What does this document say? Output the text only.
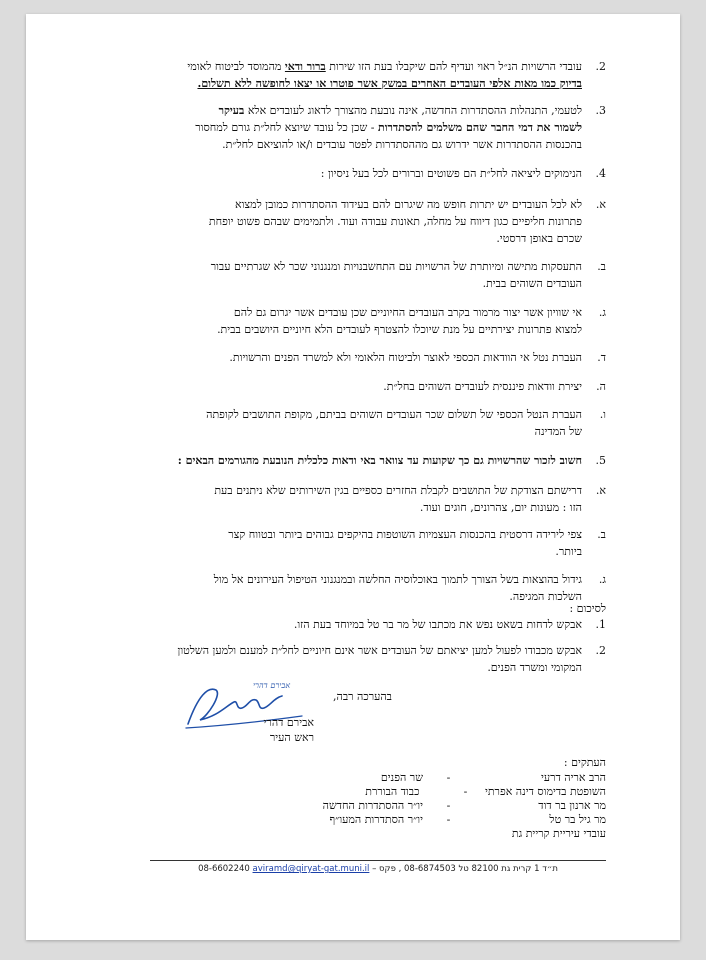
2.
עובדי הרשויות הנ״ל ראוי ועדיף להם שיקבלו בעת הזו שירות ברור ודאי מהמוסד לביטוח לאומי
בדיוק כמו מאות אלפי העובדים האחרים במשק אשר פוטרו או יצאו לחופשה ללא תשלום.
3.
לטעמי, התנהלות ההסתדרות החדשה, אינה נובעת מהצורך לדאוג לעובדים אלא בעיקר
לשמור את דמי החבר שהם משלמים להסתדרות - שכן כל עובד שיוצא לחל״ת גורם למחסור
בהכנסות ההסתדרות אשר ידרוש גם מההסתדרות לפטר עובדים ו/או להוציאם לחל״ת.
4.
הנימוקים ליציאה לחל״ת הם פשוטים וברורים לכל בעל ניסיון :
א.
לא לכל העובדים יש יתרות חופש מה שיגרום להם בעידוד ההסתדרות כמובן למצוא
פתרונות חליפיים כגון דיווח על מחלה, תאונות עבודה ועוד. ולתמימים שבהם פשוט יופחת
שכרם באופן דרסטי.
ב.
התעסקות מתישה ומיותרת של הרשויות עם התחשבנויות ומנגנוני שכר לא שגרתיים עבור
העובדים השוהים בבית.
ג.
אי שוויון אשר יצור מרמור בקרב העובדים החיוניים שכן עובדים אשר יגרום גם להם
למצוא פתרונות יצירתיים על מנת שיוכלו להצטרף לעובדים הלא חיוניים היושבים בבית.
ד.
העברת נטל אי הוודאות הכספי לאוצר ולביטוח הלאומי ולא למשרד הפנים והרשויות.
ה.
יצירת וודאות פיננסית לעובדים השוהים בחל״ת.
ו.
העברת הנטל הכספי של תשלום שכר העובדים השוהים בביתם, מקופת התושבים לקופתה
של המדינה
5.
חשוב לזכור שהרשויות גם כך שקועות עד צוואר באי ודאות כלכלית הנובעת מהגורמים הבאים :
א.
דרישתם הצודקת של התושבים לקבלת החזרים כספיים בגין השירותים שלא ניתנים בעת
הזו : מעונות יום, צהרונים, חוגים ועוד.
ב.
צפי לירידה דרסטית בהכנסות העצמיות השוטפות בהיקפים גבוהים ביותר ובטווח קצר
ביותר.
ג.
גידול בהוצאות בשל הצורך לתמוך באוכלוסיה החלשה ובמנגנוני הטיפול העירונים אל מול
השלכות המגיפה.
לסיכום :
1.
אבקש לדחות בשאט נפש את מכתבו של מר בר טל במיוחד בעת הזו.
2.
אבקש מכבודו לפעול למען יציאתם של העובדים אשר אינם חיוניים לחל״ת למענם ולמען השלטון
המקומי ומשרד הפנים.
בהערכה רבה,
אבירם דהרי
אבירם דהרי
ראש העיר
העתקים :
הרב אריה דרעי - שר הפנים
השופטת בדימוס דינה אפרתי -  כבוד הבוררת
מר ארנון בר דוד - יו״ר ההסתדרות החדשה
מר גיל בר טל - יו״ר הסתדרות המעו״ף
עובדי עיריית קריית גת
ת״ד 1 קרית גת 82100 טל ‎08-6874503‎ , פקס – ‎08-6602240‎ aviramd@qiryat-gat.muni.il
